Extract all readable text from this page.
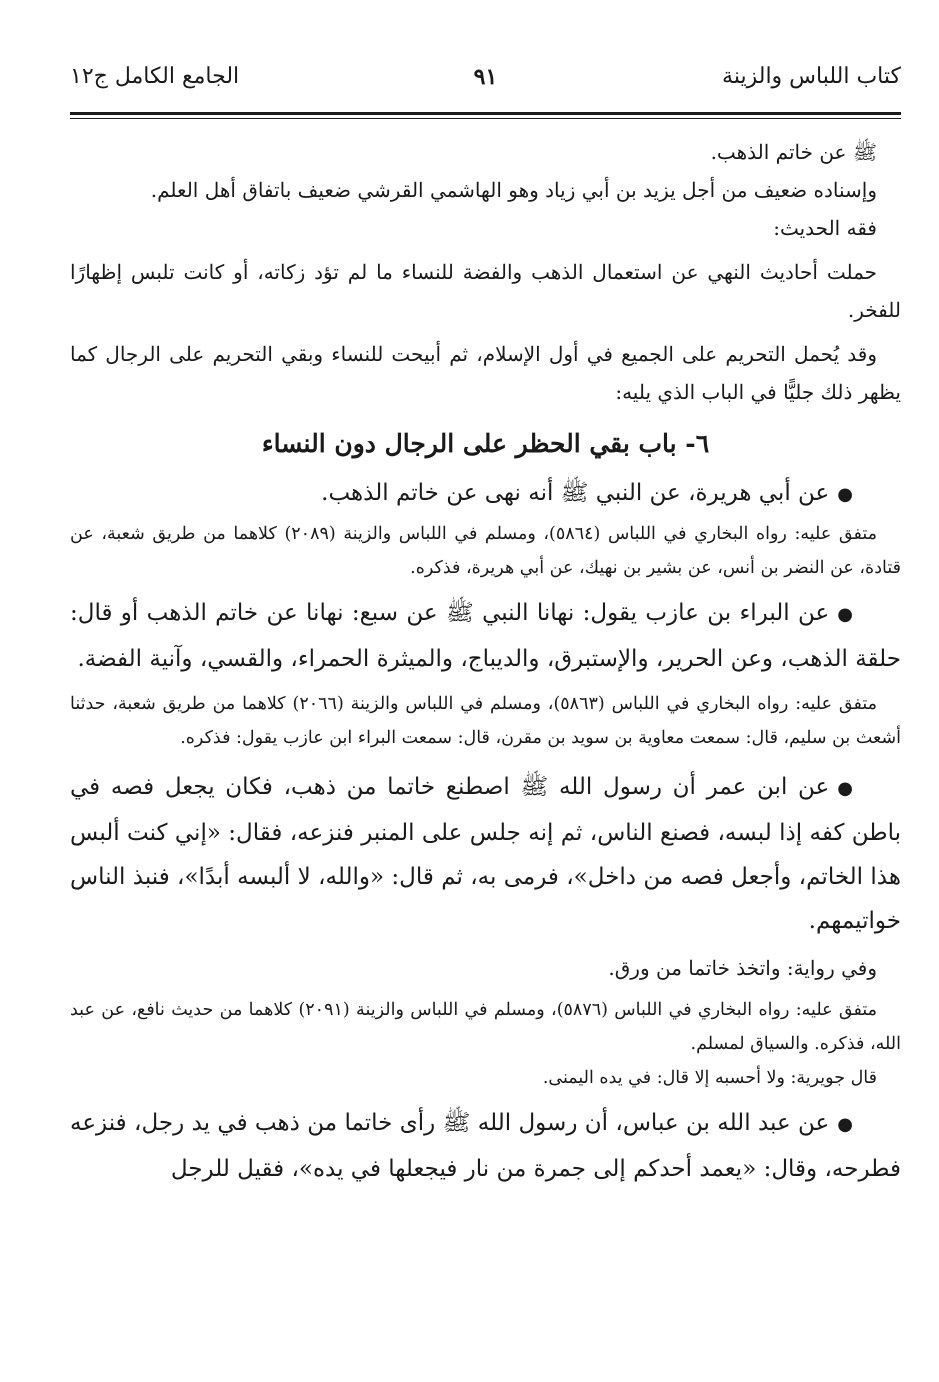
كتاب اللباس والزينة
٩١
الجامع الكامل ج١٢

ﷺ عن خاتم الذهب.

وإسناده ضعيف من أجل يزيد بن أبي زياد وهو الهاشمي القرشي ضعيف باتفاق أهل العلم.

فقه الحديث:

حملت أحاديث النهي عن استعمال الذهب والفضة للنساء ما لم تؤد زكاته، أو كانت تلبس إظهارًا للفخر.

وقد يُحمل التحريم على الجميع في أول الإسلام، ثم أبيحت للنساء وبقي التحريم على الرجال كما يظهر ذلك جليًّا في الباب الذي يليه:

٦- باب بقي الحظر على الرجال دون النساء

●عن أبي هريرة، عن النبي ﷺ أنه نهى عن خاتم الذهب.

متفق عليه: رواه البخاري في اللباس (٥٨٦٤)، ومسلم في اللباس والزينة (٢٠٨٩) كلاهما من طريق شعبة، عن قتادة، عن النضر بن أنس، عن بشير بن نهيك، عن أبي هريرة، فذكره.

●عن البراء بن عازب يقول: نهانا النبي ﷺ عن سبع: نهانا عن خاتم الذهب أو قال: حلقة الذهب، وعن الحرير، والإستبرق، والديباج، والميثرة الحمراء، والقسي، وآنية الفضة.

متفق عليه: رواه البخاري في اللباس (٥٨٦٣)، ومسلم في اللباس والزينة (٢٠٦٦) كلاهما من طريق شعبة، حدثنا أشعث بن سليم، قال: سمعت معاوية بن سويد بن مقرن، قال: سمعت البراء ابن عازب يقول: فذكره.

●عن ابن عمر أن رسول الله ﷺ اصطنع خاتما من ذهب، فكان يجعل فصه في باطن كفه إذا لبسه، فصنع الناس، ثم إنه جلس على المنبر فنزعه، فقال: «إني كنت ألبس هذا الخاتم، وأجعل فصه من داخل»، فرمى به، ثم قال: «والله، لا ألبسه أبدًا»، فنبذ الناس خواتيمهم.

وفي رواية: واتخذ خاتما من ورق.

متفق عليه: رواه البخاري في اللباس (٥٨٧٦)، ومسلم في اللباس والزينة (٢٠٩١) كلاهما من حديث نافع، عن عبد الله، فذكره. والسياق لمسلم.

قال جويرية: ولا أحسبه إلا قال: في يده اليمنى.

●عن عبد الله بن عباس، أن رسول الله ﷺ رأى خاتما من ذهب في يد رجل، فنزعه فطرحه، وقال: «يعمد أحدكم إلى جمرة من نار فيجعلها في يده»، فقيل للرجل
